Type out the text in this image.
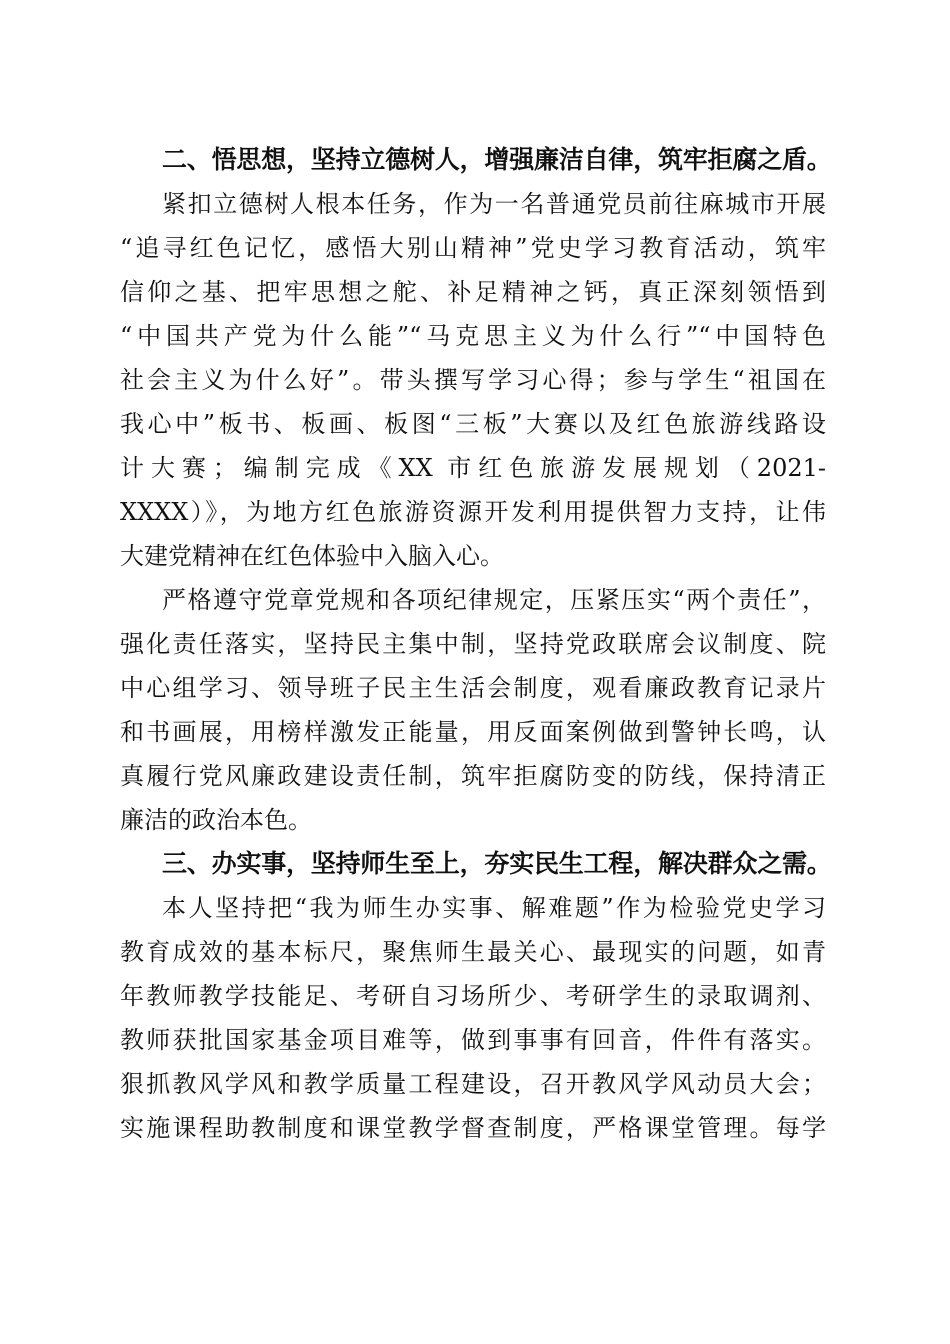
二、悟思想，坚持立德树人，增强廉洁自律，筑牢拒腐之盾。
紧扣立德树人根本任务，作为一名普通党员前往麻城市开展
“追寻红色记忆，感悟大别山精神”党史学习教育活动，筑牢
信仰之基、把牢思想之舵、补足精神之钙，真正深刻领悟到
“中国共产党为什么能”“马克思主义为什么行”“中国特色
社会主义为什么好”。带头撰写学习心得；参与学生“祖国在
我心中”板书、板画、板图“三板”大赛以及红色旅游线路设
计大赛；编制完成《XX 市红色旅游发展规划（2021-
XXXX）》，为地方红色旅游资源开发利用提供智力支持，让伟
大建党精神在红色体验中入脑入心。
严格遵守党章党规和各项纪律规定，压紧压实“两个责任”，
强化责任落实，坚持民主集中制，坚持党政联席会议制度、院
中心组学习、领导班子民主生活会制度，观看廉政教育记录片
和书画展，用榜样激发正能量，用反面案例做到警钟长鸣，认
真履行党风廉政建设责任制，筑牢拒腐防变的防线，保持清正
廉洁的政治本色。
三、办实事，坚持师生至上，夯实民生工程，解决群众之需。
本人坚持把“我为师生办实事、解难题”作为检验党史学习
教育成效的基本标尺，聚焦师生最关心、最现实的问题，如青
年教师教学技能足、考研自习场所少、考研学生的录取调剂、
教师获批国家基金项目难等，做到事事有回音，件件有落实。
狠抓教风学风和教学质量工程建设，召开教风学风动员大会；
实施课程助教制度和课堂教学督查制度，严格课堂管理。每学
